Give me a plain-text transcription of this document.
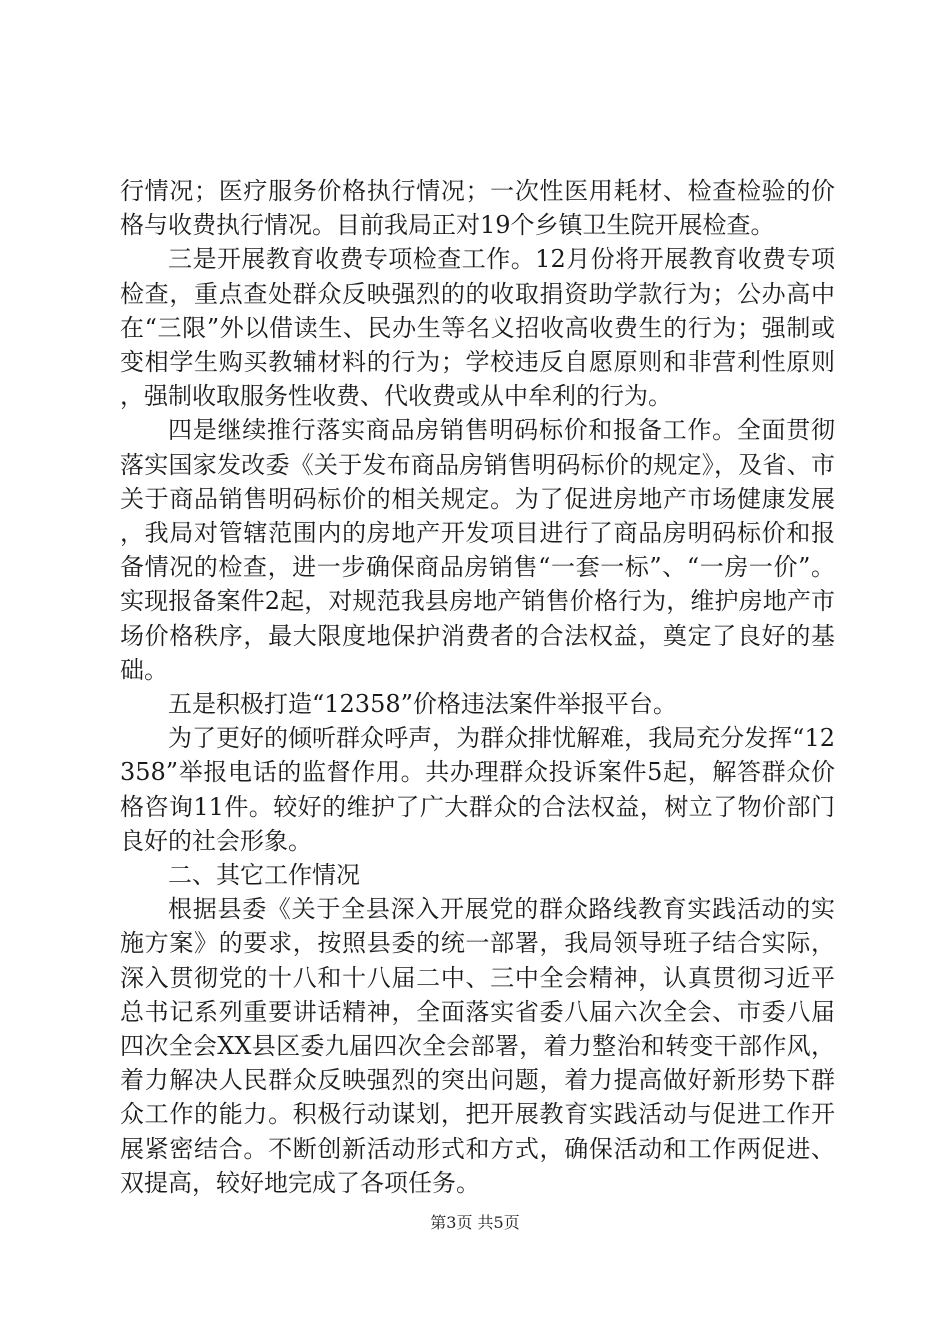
行情况；医疗服务价格执行情况；一次性医用耗材、检查检验的价格与收费执行情况。目前我局正对19个乡镇卫生院开展检查。

三是开展教育收费专项检查工作。12月份将开展教育收费专项检查，重点查处群众反映强烈的的收取捐资助学款行为；公办高中在“三限”外以借读生、民办生等名义招收高收费生的行为；强制或变相学生购买教辅材料的行为；学校违反自愿原则和非营利性原则，强制收取服务性收费、代收费或从中牟利的行为。

四是继续推行落实商品房销售明码标价和报备工作。全面贯彻落实国家发改委《关于发布商品房销售明码标价的规定》，及省、市关于商品销售明码标价的相关规定。为了促进房地产市场健康发展，我局对管辖范围内的房地产开发项目进行了商品房明码标价和报备情况的检查，进一步确保商品房销售“一套一标”、“一房一价”。实现报备案件2起，对规范我县房地产销售价格行为，维护房地产市场价格秩序，最大限度地保护消费者的合法权益，奠定了良好的基础。

五是积极打造“12358”价格违法案件举报平台。

为了更好的倾听群众呼声，为群众排忧解难，我局充分发挥“12358”举报电话的监督作用。共办理群众投诉案件5起，解答群众价格咨询11件。较好的维护了广大群众的合法权益，树立了物价部门良好的社会形象。

二、其它工作情况

根据县委《关于全县深入开展党的群众路线教育实践活动的实施方案》的要求，按照县委的统一部署，我局领导班子结合实际，深入贯彻党的十八和十八届二中、三中全会精神，认真贯彻习近平总书记系列重要讲话精神，全面落实省委八届六次全会、市委八届四次全会XX县区委九届四次全会部署，着力整治和转变干部作风，着力解决人民群众反映强烈的突出问题，着力提高做好新形势下群众工作的能力。积极行动谋划，把开展教育实践活动与促进工作开展紧密结合。不断创新活动形式和方式，确保活动和工作两促进、双提高，较好地完成了各项任务。

第3页 共5页
